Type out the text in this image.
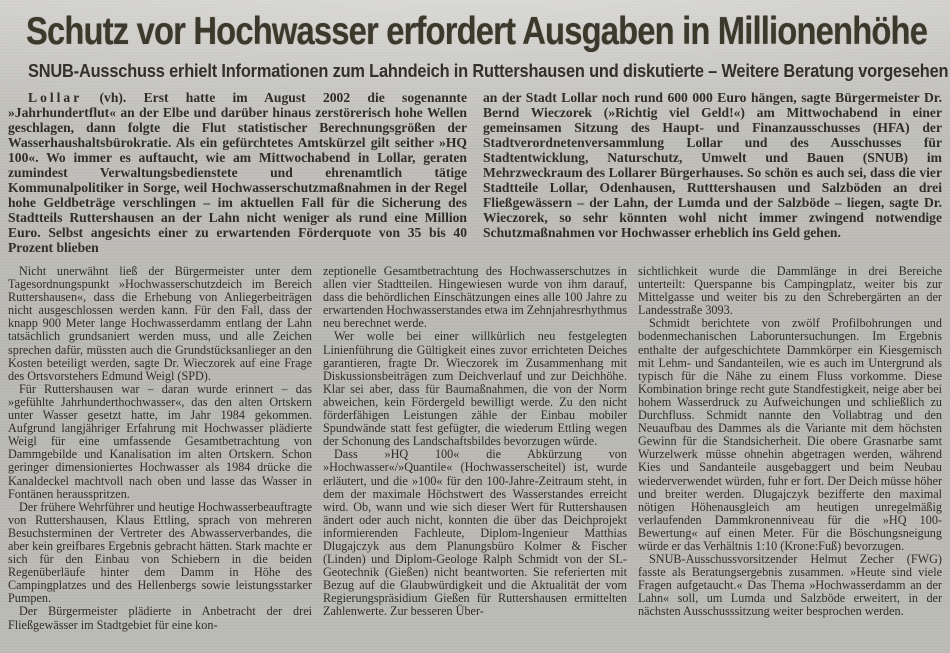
Schutz vor Hochwasser erfordert Ausgaben in Millionenhöhe
SNUB-Ausschuss erhielt Informationen zum Lahndeich in Ruttershausen und diskutierte – Weitere Beratung vorgesehen

Lollar (vh). Erst hatte im August 2002 die sogenannte »Jahrhundertflut« an der Elbe und darüber hinaus zerstörerisch hohe Wellen geschlagen, dann folgte die Flut statistischer Berechnungsgrößen der Wasserhaushaltsbürokratie. Als ein gefürchtetes Amtskürzel gilt seither »HQ 100«. Wo immer es auftaucht, wie am Mittwochabend in Lollar, geraten zumindest Verwaltungsbedienstete und ehrenamtlich tätige Kommunalpolitiker in Sorge, weil Hochwasserschutzmaßnahmen in der Regel hohe Geldbeträge verschlingen – im aktuellen Fall für die Sicherung des Stadtteils Ruttershausen an der Lahn nicht weniger als rund eine Million Euro. Selbst angesichts einer zu erwartenden Förderquote von 35 bis 40 Prozent blieben

an der Stadt Lollar noch rund 600 000 Euro hängen, sagte Bürgermeister Dr. Bernd Wieczorek (»Richtig viel Geld!«) am Mittwochabend in einer gemeinsamen Sitzung des Haupt- und Finanzausschusses (HFA) der Stadtverordnetenversammlung Lollar und des Ausschusses für Stadtentwicklung, Naturschutz, Umwelt und Bauen (SNUB) im Mehrzweckraum des Lollarer Bürgerhauses. So schön es auch sei, dass die vier Stadtteile Lollar, Odenhausen, Rutttershausen und Salzböden an drei Fließgewässern – der Lahn, der Lumda und der Salzböde – liegen, sagte Dr. Wieczorek, so sehr könnten wohl nicht immer zwingend notwendige Schutzmaßnahmen vor Hochwasser erheblich ins Geld gehen.

Nicht unerwähnt ließ der Bürgermeister unter dem Tagesordnungspunkt »Hochwasserschutzdeich im Bereich Ruttershausen«, dass die Erhebung von Anliegerbeiträgen nicht ausgeschlossen werden kann. Für den Fall, dass der knapp 900 Meter lange Hochwasserdamm entlang der Lahn tatsächlich grundsaniert werden muss, und alle Zeichen sprechen dafür, müssten auch die Grundstücksanlieger an den Kosten beteiligt werden, sagte Dr. Wieczorek auf eine Frage des Ortsvorstehers Edmund Weigl (SPD).

Für Ruttershausen war – daran wurde erinnert – das »gefühlte Jahrhunderthochwasser«, das den alten Ortskern unter Wasser gesetzt hatte, im Jahr 1984 gekommen. Aufgrund langjähriger Erfahrung mit Hochwasser plädierte Weigl für eine umfassende Gesamtbetrachtung von Dammgebilde und Kanalisation im alten Ortskern. Schon geringer dimensioniertes Hochwasser als 1984 drücke die Kanaldeckel machtvoll nach oben und lasse das Wasser in Fontänen herausspritzen.

Der frühere Wehrführer und heutige Hochwasserbeauftragte von Ruttershausen, Klaus Ettling, sprach von mehreren Besuchsterminen der Vertreter des Abwasserverbandes, die aber kein greifbares Ergebnis gebracht hätten. Stark machte er sich für den Einbau von Schiebern in die beiden Regenüberläufe hinter dem Damm in Höhe des Campingplatzes und des Hellenbergs sowie leistungsstarker Pumpen.

Der Bürgermeister plädierte in Anbetracht der drei Fließgewässer im Stadtgebiet für eine kon-

zeptionelle Gesamtbetrachtung des Hochwasserschutzes in allen vier Stadtteilen. Hingewiesen wurde von ihm darauf, dass die behördlichen Einschätzungen eines alle 100 Jahre zu erwartenden Hochwasserstandes etwa im Zehnjahresrhythmus neu berechnet werde.

Wer wolle bei einer willkürlich neu festgelegten Linienführung die Gültigkeit eines zuvor errichteten Deiches garantieren, fragte Dr. Wieczorek im Zusammenhang mit Diskussionsbeiträgen zum Deichverlauf und zur Deichhöhe. Klar sei aber, dass für Baumaßnahmen, die von der Norm abweichen, kein Fördergeld bewilligt werde. Zu den nicht förderfähigen Leistungen zähle der Einbau mobiler Spundwände statt fest gefügter, die wiederum Ettling wegen der Schonung des Landschaftsbildes bevorzugen würde.

Dass »HQ 100« die Abkürzung von »Hochwasser«/»Quantile« (Hochwasserscheitel) ist, wurde erläutert, und die »100« für den 100-Jahre-Zeitraum steht, in dem der maximale Höchstwert des Wasserstandes erreicht wird. Ob, wann und wie sich dieser Wert für Ruttershausen ändert oder auch nicht, konnten die über das Deichprojekt informierenden Fachleute, Diplom-Ingenieur Matthias Dlugajczyk aus dem Planungsbüro Kolmer & Fischer (Linden) und Diplom-Geologe Ralph Schmidt von der SL-Geotechnik (Gießen) nicht beantworten. Sie referierten mit Bezug auf die Glaubwürdigkeit und die Aktualität der vom Regierungspräsidium Gießen für Ruttershausen ermittelten Zahlenwerte. Zur besseren Über-

sichtlichkeit wurde die Dammlänge in drei Bereiche unterteilt: Querspanne bis Campingplatz, weiter bis zur Mittelgasse und weiter bis zu den Schrebergärten an der Landesstraße 3093.

Schmidt berichtete von zwölf Profilbohrungen und bodenmechanischen Laboruntersuchungen. Im Ergebnis enthalte der aufgeschichtete Dammkörper ein Kiesgemisch mit Lehm- und Sandanteilen, wie es auch im Untergrund als typisch für die Nähe zu einem Fluss vorkomme. Diese Kombination bringe recht gute Standfestigkeit, neige aber bei hohem Wasserdruck zu Aufweichungen und schließlich zu Durchfluss. Schmidt nannte den Vollabtrag und den Neuaufbau des Dammes als die Variante mit dem höchsten Gewinn für die Standsicherheit. Die obere Grasnarbe samt Wurzelwerk müsse ohnehin abgetragen werden, während Kies und Sandanteile ausgebaggert und beim Neubau wiederverwendet würden, fuhr er fort. Der Deich müsse höher und breiter werden. Dlugajczyk bezifferte den maximal nötigen Höhenausgleich am heutigen unregelmäßig verlaufenden Dammkronenniveau für die »HQ 100-Bewertung« auf einen Meter. Für die Böschungsneigung würde er das Verhältnis 1:10 (Krone:Fuß) bevorzugen.

SNUB-Ausschussvorsitzender Helmut Zecher (FWG) fasste als Beratungsergebnis zusammen. »Heute sind viele Fragen aufgetaucht.« Das Thema »Hochwasserdamm an der Lahn« soll, um Lumda und Salzböde erweitert, in der nächsten Ausschusssitzung weiter besprochen werden.
